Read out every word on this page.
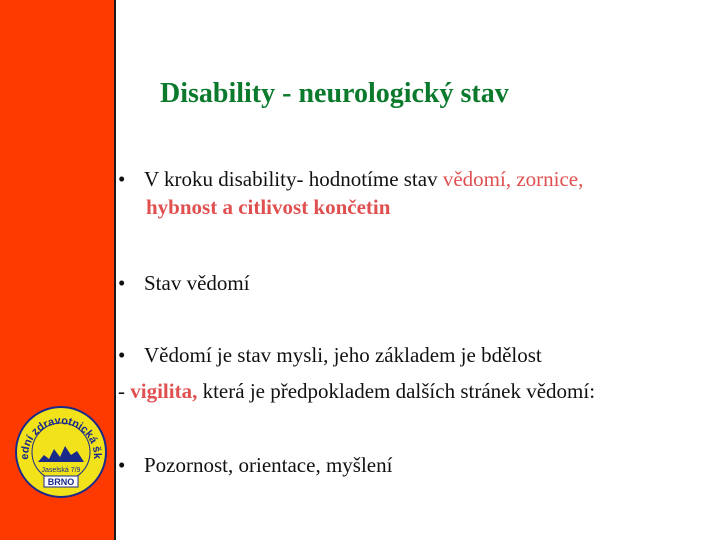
ední zdravotnická šk
Jaselská 7/9
BRNO
Disability - neurologický stav
• V kroku disability- hodnotíme stav vědomí, zornice,
hybnost a citlivost končetin
• Stav vědomí
• Vědomí je stav mysli, jeho základem je bdělost
- vigilita, která je předpokladem dalších stránek vědomí:
• Pozornost, orientace, myšlení
